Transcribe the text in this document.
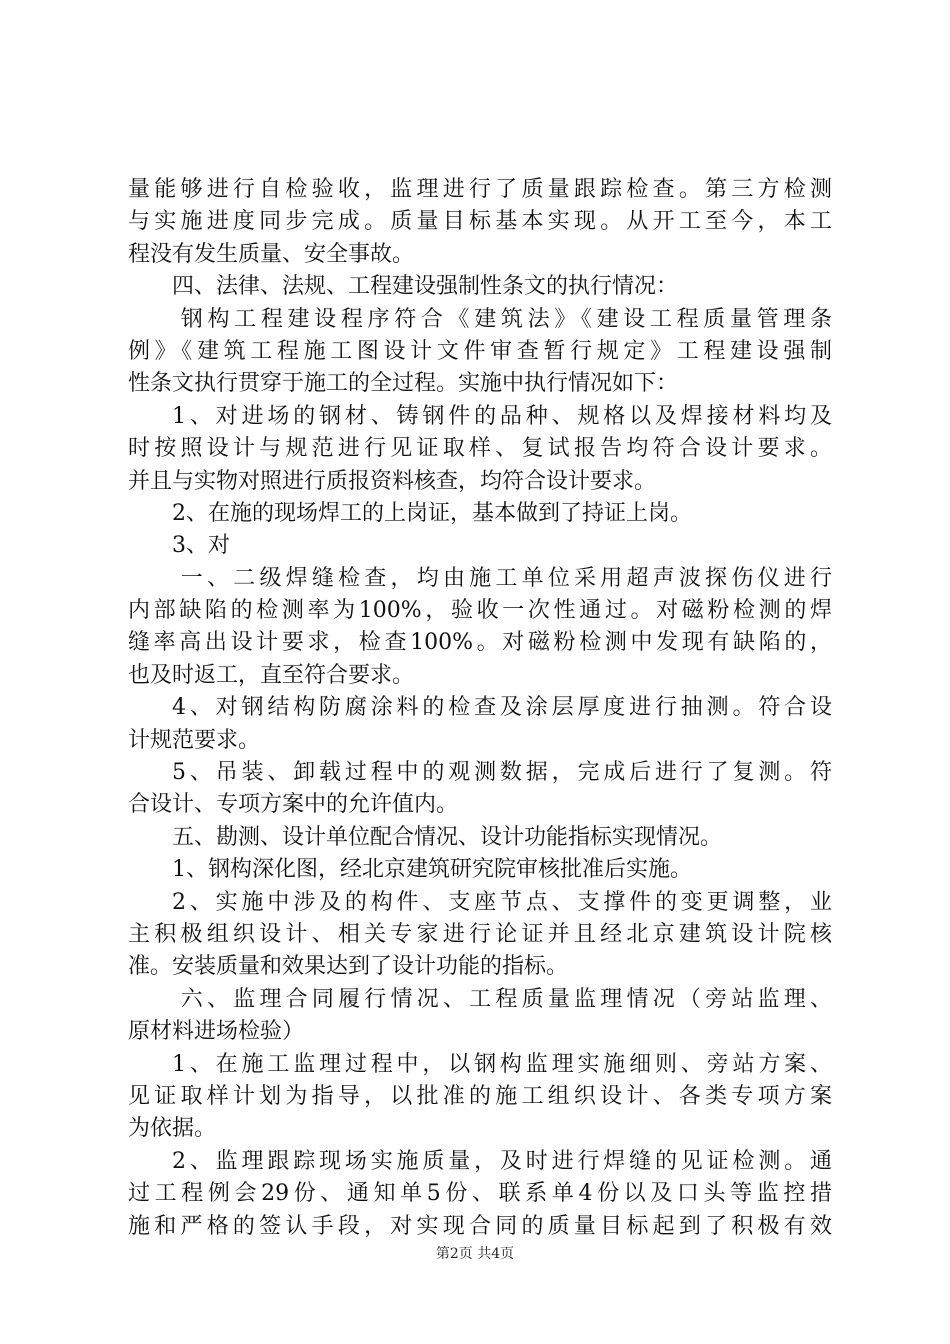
量能够进行自检验收，监理进行了质量跟踪检查。第三方检测
与实施进度同步完成。质量目标基本实现。从开工至今，本工
程没有发生质量、安全事故。
四、法律、法规、工程建设强制性条文的执行情况：
钢构工程建设程序符合《建筑法》《建设工程质量管理条
例》《建筑工程施工图设计文件审查暂行规定》工程建设强制
性条文执行贯穿于施工的全过程。实施中执行情况如下：
1、对进场的钢材、铸钢件的品种、规格以及焊接材料均及
时按照设计与规范进行见证取样、复试报告均符合设计要求。
并且与实物对照进行质报资料核查，均符合设计要求。
2、在施的现场焊工的上岗证，基本做到了持证上岗。
3、对
一、二级焊缝检查，均由施工单位采用超声波探伤仪进行
内部缺陷的检测率为100%，验收一次性通过。对磁粉检测的焊
缝率高出设计要求，检查100%。对磁粉检测中发现有缺陷的，
也及时返工，直至符合要求。
4、对钢结构防腐涂料的检查及涂层厚度进行抽测。符合设
计规范要求。
5、吊装、卸载过程中的观测数据，完成后进行了复测。符
合设计、专项方案中的允许值内。
五、勘测、设计单位配合情况、设计功能指标实现情况。
1、钢构深化图，经北京建筑研究院审核批准后实施。
2、实施中涉及的构件、支座节点、支撑件的变更调整，业
主积极组织设计、相关专家进行论证并且经北京建筑设计院核
准。安装质量和效果达到了设计功能的指标。
六、监理合同履行情况、工程质量监理情况（旁站监理、
原材料进场检验）
1、在施工监理过程中，以钢构监理实施细则、旁站方案、
见证取样计划为指导，以批准的施工组织设计、各类专项方案
为依据。
2、监理跟踪现场实施质量，及时进行焊缝的见证检测。通
过工程例会29份、通知单5份、联系单4份以及口头等监控措
施和严格的签认手段，对实现合同的质量目标起到了积极有效
第2页 共4页
